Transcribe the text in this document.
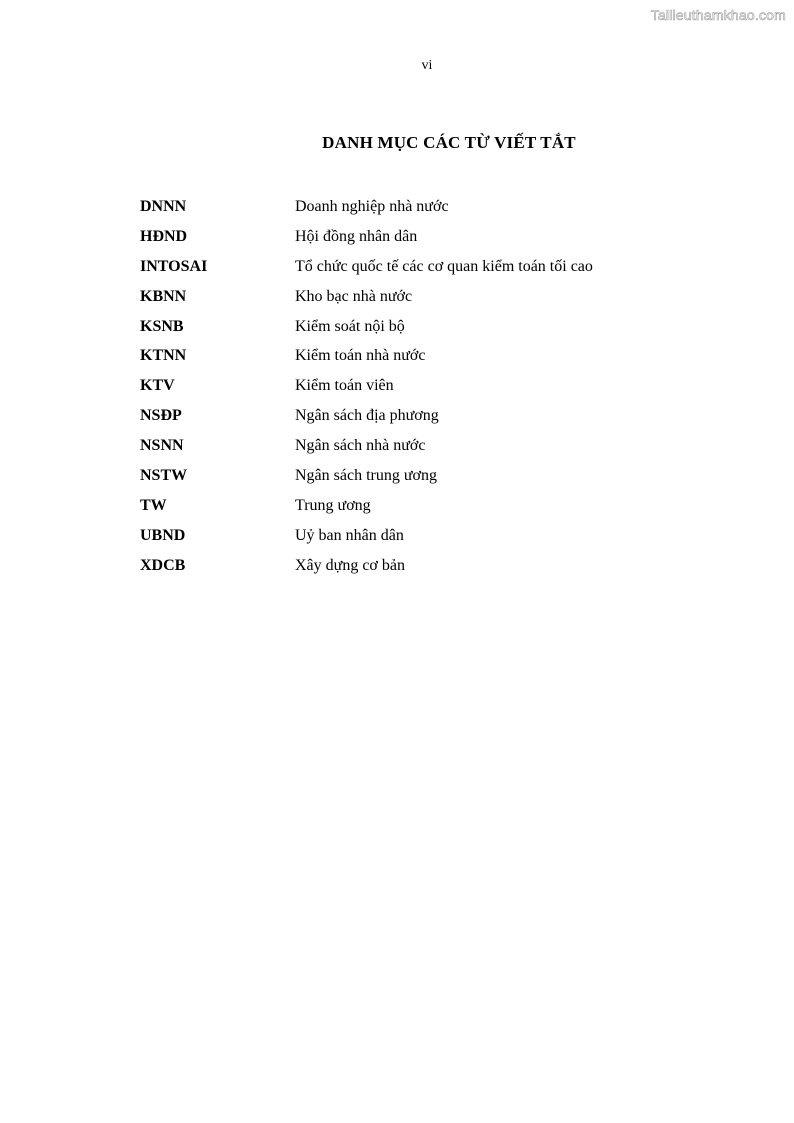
Tailieuthamkhao.com
vi
DANH MỤC CÁC TỪ VIẾT TẮT
DNNN	Doanh nghiệp nhà nước
HĐND	Hội đồng nhân dân
INTOSAI	Tổ chức quốc tế các cơ quan kiểm toán tối cao
KBNN	Kho bạc nhà nước
KSNB	Kiểm soát nội bộ
KTNN	Kiểm toán nhà nước
KTV	Kiểm toán viên
NSĐP	Ngân sách địa phương
NSNN	Ngân sách nhà nước
NSTW	Ngân sách trung ương
TW	Trung ương
UBND	Uỷ ban nhân dân
XDCB	Xây dựng cơ bản
